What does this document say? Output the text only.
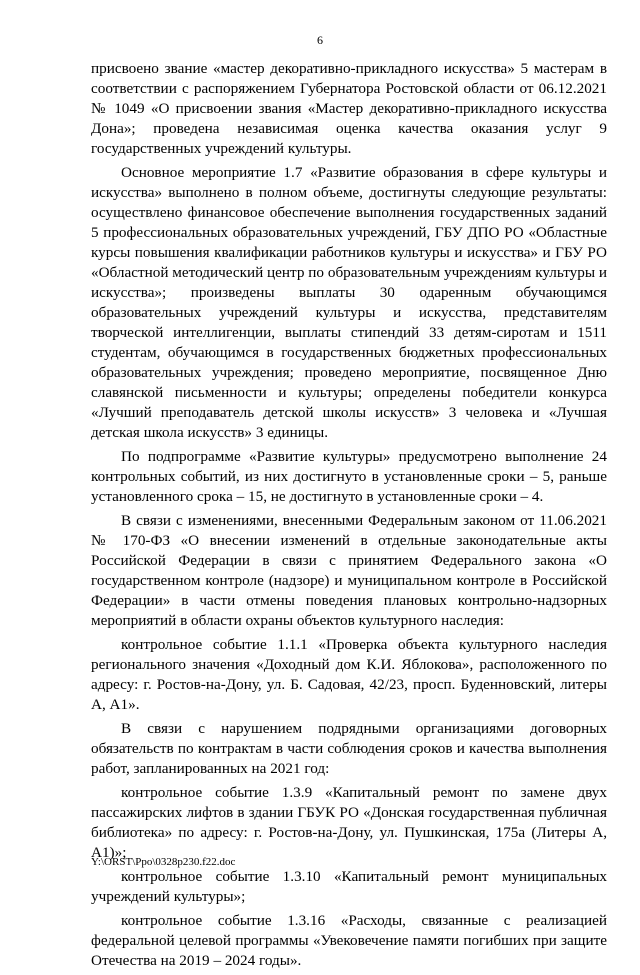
6

присвоено звание «мастер декоративно-прикладного искусства» 5 мастерам в соответствии с распоряжением Губернатора Ростовской области от 06.12.2021 № 1049 «О присвоении звания «Мастер декоративно-прикладного искусства Дона»; проведена независимая оценка качества оказания услуг 9 государственных учреждений культуры.

Основное мероприятие 1.7 «Развитие образования в сфере культуры и искусства» выполнено в полном объеме, достигнуты следующие результаты: осуществлено финансовое обеспечение выполнения государственных заданий 5 профессиональных образовательных учреждений, ГБУ ДПО РО «Областные курсы повышения квалификации работников культуры и искусства» и ГБУ РО «Областной методический центр по образовательным учреждениям культуры и искусства»; произведены выплаты 30 одаренным обучающимся образовательных учреждений культуры и искусства, представителям творческой интеллигенции, выплаты стипендий 33 детям-сиротам и 1511 студентам, обучающимся в государственных бюджетных профессиональных образовательных учреждения; проведено мероприятие, посвященное Дню славянской письменности и культуры; определены победители конкурса «Лучший преподаватель детской школы искусств» 3 человека и «Лучшая детская школа искусств» 3 единицы.

По подпрограмме «Развитие культуры» предусмотрено выполнение 24 контрольных событий, из них достигнуто в установленные сроки – 5, раньше установленного срока – 15, не достигнуто в установленные сроки – 4.

В связи с изменениями, внесенными Федеральным законом от 11.06.2021 № 170-ФЗ «О внесении изменений в отдельные законодательные акты Российской Федерации в связи с принятием Федерального закона «О государственном контроле (надзоре) и муниципальном контроле в Российской Федерации» в части отмены поведения плановых контрольно-надзорных мероприятий в области охраны объектов культурного наследия:

контрольное событие 1.1.1 «Проверка объекта культурного наследия регионального значения «Доходный дом К.И. Яблокова», расположенного по адресу: г. Ростов-на-Дону, ул. Б. Садовая, 42/23, просп. Буденновский, литеры А, А1».

В связи с нарушением подрядными организациями договорных обязательств по контрактам в части соблюдения сроков и качества выполнения работ, запланированных на 2021 год:

контрольное событие 1.3.9 «Капитальный ремонт по замене двух пассажирских лифтов в здании ГБУК РО «Донская государственная публичная библиотека» по адресу: г. Ростов-на-Дону, ул. Пушкинская, 175а (Литеры А, А1)»;

контрольное событие 1.3.10 «Капитальный ремонт муниципальных учреждений культуры»;

контрольное событие 1.3.16 «Расходы, связанные с реализацией федеральной целевой программы «Увековечение памяти погибших при защите Отечества на 2019 – 2024 годы».

Y:\ORST\Ppo\0328p230.f22.doc
